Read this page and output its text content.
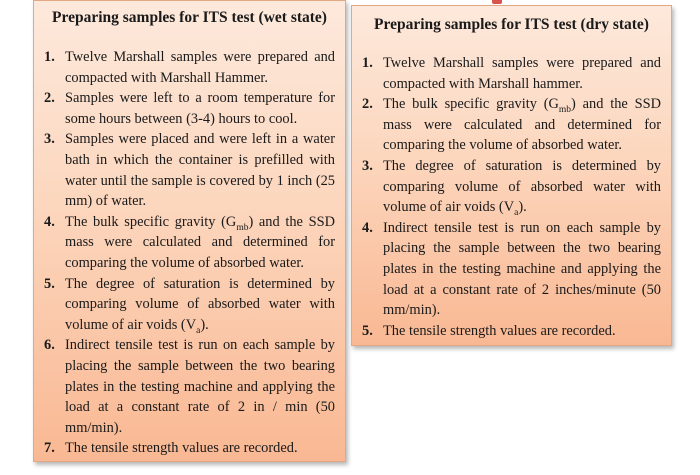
Preparing samples for ITS test (wet state)
1. Twelve Marshall samples were prepared and compacted with Marshall Hammer.
2. Samples were left to a room temperature for some hours between (3-4) hours to cool.
3. Samples were placed and were left in a water bath in which the container is prefilled with water until the sample is covered by 1 inch (25 mm) of water.
4. The bulk specific gravity $(G_{mb})$ and the SSD mass were calculated and determined for comparing the volume of absorbed water.
5. The degree of saturation is determined by comparing volume of absorbed water with volume of air voids $(V_a)$.
6. Indirect tensile test is run on each sample by placing the sample between the two bearing plates in the testing machine and applying the load at a constant rate of 2 in / min (50 mm/min).
7. The tensile strength values are recorded.
Preparing samples for ITS test (dry state)
1. Twelve Marshall samples were prepared and compacted with Marshall hammer.
2. The bulk specific gravity $(G_{mb})$ and the SSD mass were calculated and determined for comparing the volume of absorbed water.
3. The degree of saturation is determined by comparing volume of absorbed water with volume of air voids $(V_a)$.
4. Indirect tensile test is run on each sample by placing the sample between the two bearing plates in the testing machine and applying the load at a constant rate of 2 inches/minute (50 mm/min).
5. The tensile strength values are recorded.
